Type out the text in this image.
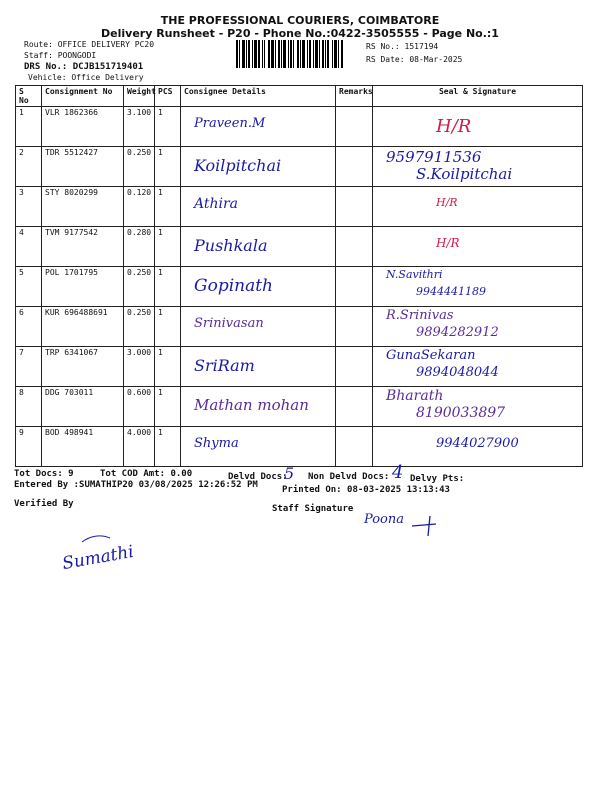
THE PROFESSIONAL COURIERS, COIMBATORE
Delivery Runsheet - P20 - Phone No.:0422-3505555 - Page No.:1
Route: OFFICE DELIVERY PC20
Staff: POONGODI
DRS No.: DCJB151719401
Vehicle: Office Delivery
RS No.: 1517194
RS Date: 08-Mar-2025
S No	Consignment No	Weight	PCS	Consignee Details	Remarks	Seal & Signature
1	VLR 1862366	3.100	1	Praveen.M		H/R

2	TDR 5512427	0.250	1	Koilpitchai		9597911536
S.Koilpitchai

3	STY 8020299	0.120	1	Athira		H/R

4	TVM 9177542	0.280	1	Pushkala		H/R

5	POL 1701795	0.250	1	Gopinath		N.Savithri
9944441189

6	KUR 696488691	0.250	1	Srinivasan		R.Srinivas
9894282912

7	TRP 6341067	3.000	1	SriRam		GunaSekaran
9894048044

8	DDG 703011	0.600	1	Mathan mohan		Bharath
8190033897

9	BOD 498941	4.000	1	Shyma		9944027900
Tot Docs: 9	Tot COD Amt: 0.00	Delvd Docs:
5 Non Delvd Docs: 4 Delvy Pts:
Entered By :SUMATHIP20 03/08/2025 12:26:52 PM	Printed On: 08-03-2025 13:13:43
Verified By	Staff Signature
Poona
Sumathi
